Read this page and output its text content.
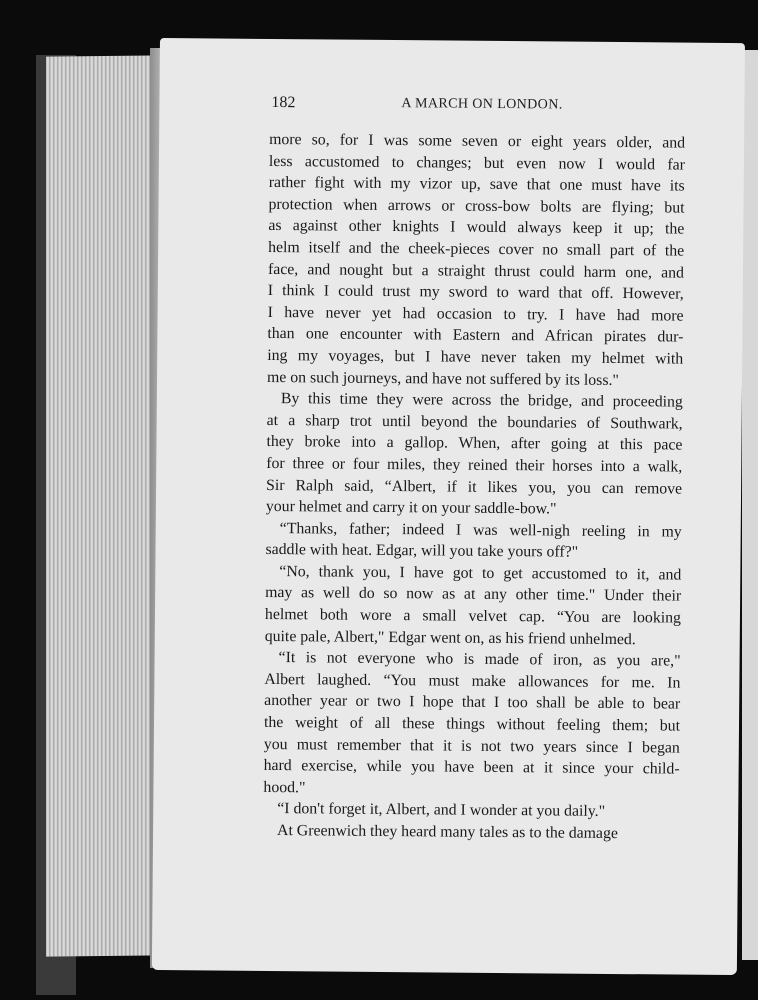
182	A MARCH ON LONDON.
more so, for I was some seven or eight years older, and
less accustomed to changes; but even now I would far
rather fight with my vizor up, save that one must have its
protection when arrows or cross-bow bolts are flying; but
as against other knights I would always keep it up; the
helm itself and the cheek-pieces cover no small part of the
face, and nought but a straight thrust could harm one, and
I think I could trust my sword to ward that off. However,
I have never yet had occasion to try. I have had more
than one encounter with Eastern and African pirates dur-
ing my voyages, but I have never taken my helmet with
me on such journeys, and have not suffered by its loss."
By this time they were across the bridge, and proceeding
at a sharp trot until beyond the boundaries of Southwark,
they broke into a gallop. When, after going at this pace
for three or four miles, they reined their horses into a walk,
Sir Ralph said, “Albert, if it likes you, you can remove
your helmet and carry it on your saddle-bow."
“Thanks, father; indeed I was well-nigh reeling in my
saddle with heat. Edgar, will you take yours off?"
“No, thank you, I have got to get accustomed to it, and
may as well do so now as at any other time." Under their
helmet both wore a small velvet cap. “You are looking
quite pale, Albert," Edgar went on, as his friend unhelmed.
“It is not everyone who is made of iron, as you are,"
Albert laughed. “You must make allowances for me. In
another year or two I hope that I too shall be able to bear
the weight of all these things without feeling them; but
you must remember that it is not two years since I began
hard exercise, while you have been at it since your child-
hood."
“I don't forget it, Albert, and I wonder at you daily."
At Greenwich they heard many tales as to the damage
